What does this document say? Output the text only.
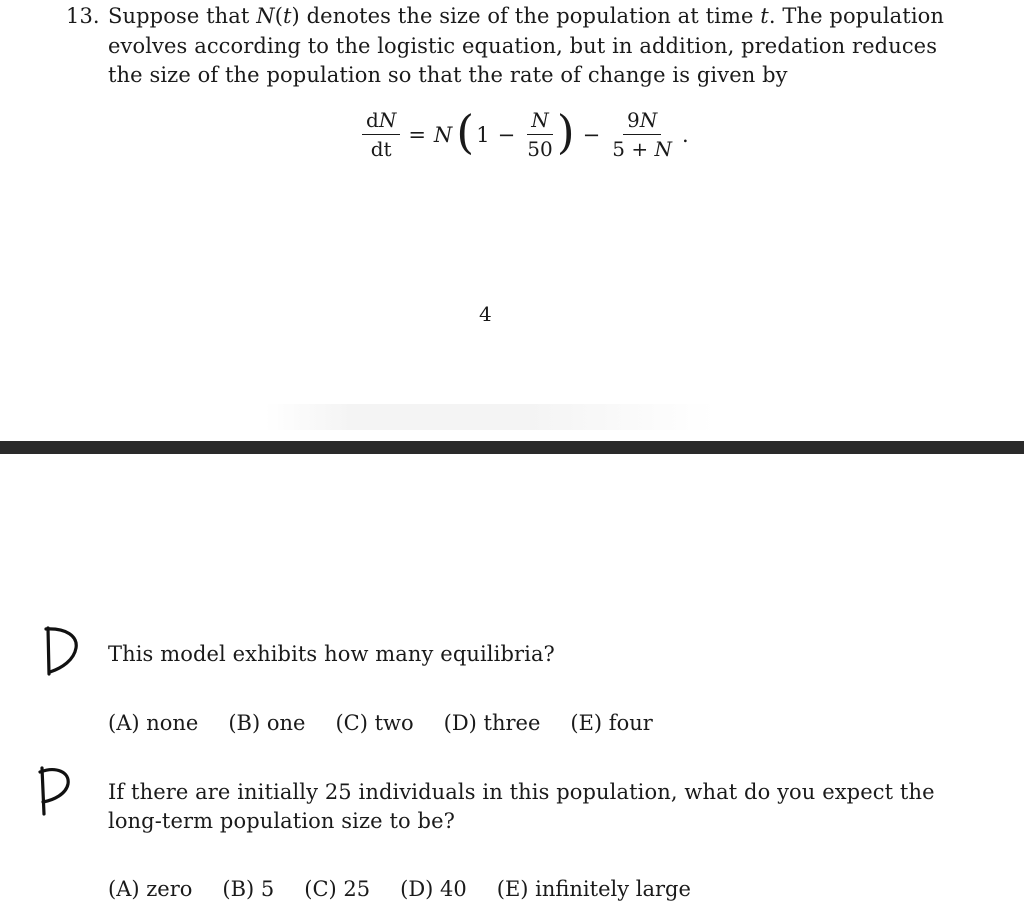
13. Suppose that N(t) denotes the size of the population at time t. The population
evolves according to the logistic equation, but in addition, predation reduces
the size of the population so that the rate of change is given by
$\frac{dN}{dt} = N$ ( $1 - \frac{N}{50}$ ) − $\frac{9N}{5 + N}$ .
4
D This model exhibits how many equilibria?
(A) none (B) one (C) two (D) three (E) four
D If there are initially 25 individuals in this population, what do you expect the
long-term population size to be?
(A) zero (B) 5 (C) 25 (D) 40 (E) infinitely large
